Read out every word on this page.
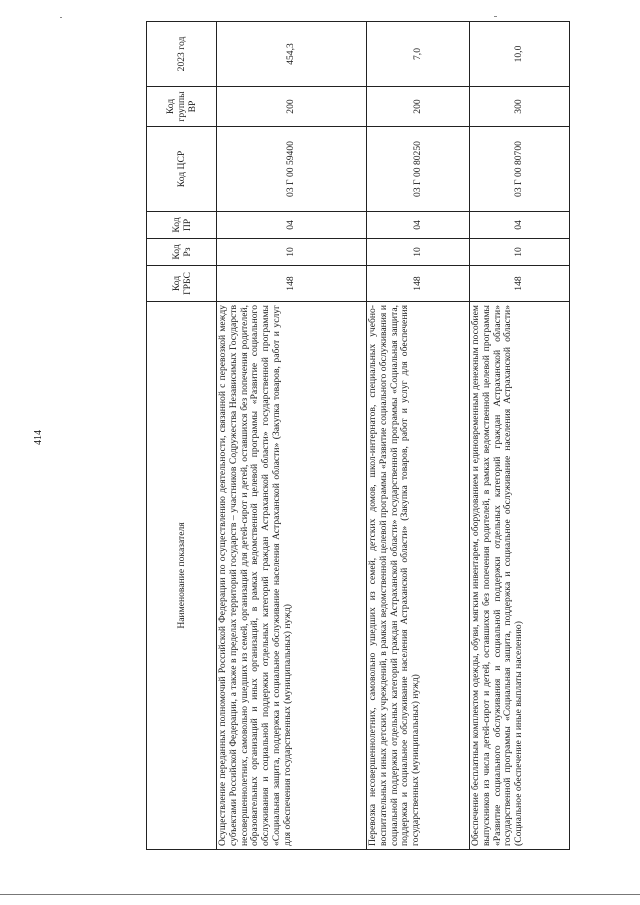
414
Наименование показателя	Код ГРБС	Код Рз	Код ПР	Код ЦСР	Код группы ВР	2023 год
Осуществление переданных полномочий Российской Федерации по осуществлению деятельности, связанной с перевозкой между субъектами Российской Федерации, а также в пределах территорий государств – участников Содружества Независимых Государств несовершеннолетних, самовольно ушедших из семей, организаций для детей-сирот и детей, оставшихся без попечения родителей, образовательных организаций и иных организаций, в рамках ведомственной целевой программы «Развитие социального обслуживания и социальной поддержки отдельных категорий граждан Астраханской области» государственной программы «Социальная защита, поддержка и социальное обслуживание населения Астраханской области» (Закупка товаров, работ и услуг для обеспечения государственных (муниципальных) нужд)	148	10	04	03 Г 00 59400	200	454,3
Перевозка несовершеннолетних, самовольно ушедших из семей, детских домов, школ-интернатов, специальных учебно-воспитательных и иных детских учреждений, в рамках ведомственной целевой программы «Развитие социального обслуживания и социальной поддержки отдельных категорий граждан Астраханской области» государственной программы «Социальная защита, поддержка и социальное обслуживание населения Астраханской области» (Закупка товаров, работ и услуг для обеспечения государственных (муниципальных) нужд)	148	10	04	03 Г 00 80250	200	7,0
Обеспечение бесплатным комплектом одежды, обуви, мягким инвентарем, оборудованием и единовременным денежным пособием выпускников из числа детей-сирот и детей, оставшихся без попечения родителей, в рамках ведомственной целевой программы «Развитие социального обслуживания и социальной поддержки отдельных категорий граждан Астраханской области» государственной программы «Социальная защита, поддержка и социальное обслуживание населения Астраханской области» (Социальное обеспечение и иные выплаты населению)	148	10	04	03 Г 00 80700	300	10,0
